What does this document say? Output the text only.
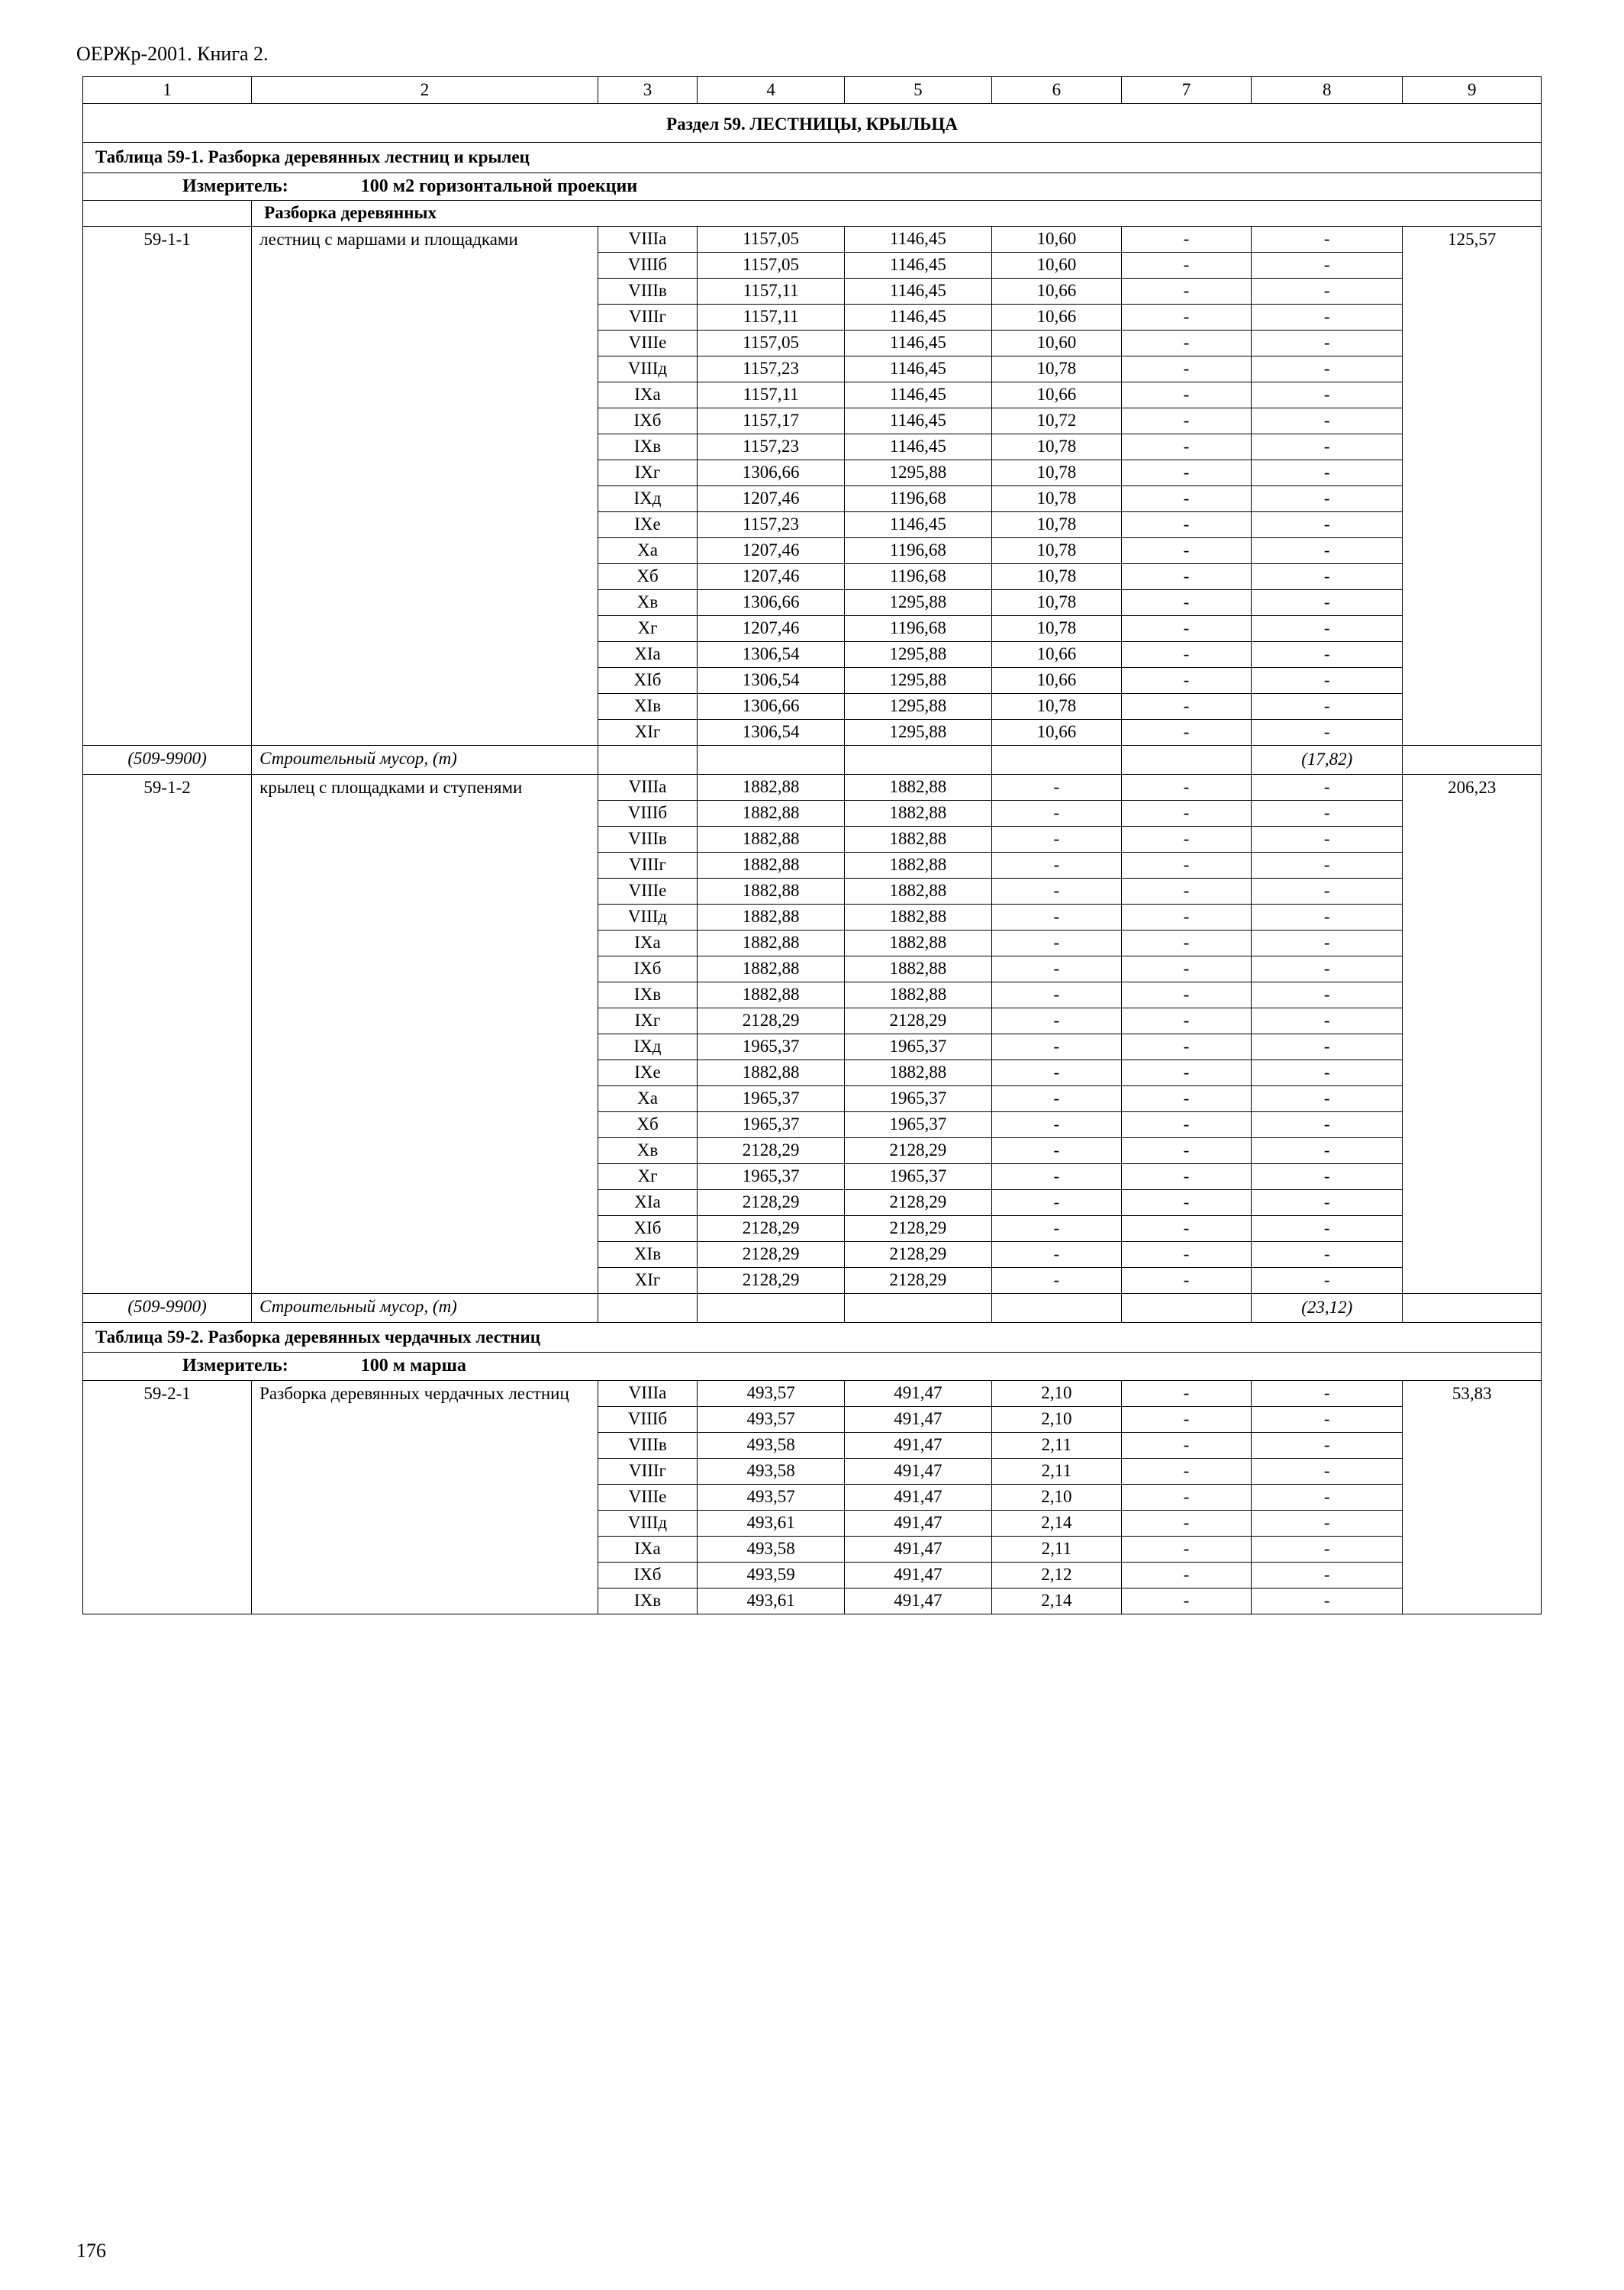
ОЕРЖр-2001. Книга 2.
1	2	3	4	5	6	7	8	9
Раздел 59. ЛЕСТНИЦЫ, КРЫЛЬЦА								
Таблица 59-1. Разборка деревянных лестниц и крылец								
Измеритель: 100 м2 горизонтальной проекции								
	Разборка деревянных							
59-1-1	лестниц с маршами и площадками	VIIIа	1157,05	1146,45	10,60	-	-	125,57
		VIIIб	1157,05	1146,45	10,60	-	-	
		VIIIв	1157,11	1146,45	10,66	-	-	
		VIIIг	1157,11	1146,45	10,66	-	-	
		VIIIе	1157,05	1146,45	10,60	-	-	
		VIIIд	1157,23	1146,45	10,78	-	-	
		IXа	1157,11	1146,45	10,66	-	-	
		IXб	1157,17	1146,45	10,72	-	-	
		IXв	1157,23	1146,45	10,78	-	-	
		IXг	1306,66	1295,88	10,78	-	-	
		IXд	1207,46	1196,68	10,78	-	-	
		IXе	1157,23	1146,45	10,78	-	-	
		Xа	1207,46	1196,68	10,78	-	-	
		Xб	1207,46	1196,68	10,78	-	-	
		Xв	1306,66	1295,88	10,78	-	-	
		Xг	1207,46	1196,68	10,78	-	-	
		XIа	1306,54	1295,88	10,66	-	-	
		XIб	1306,54	1295,88	10,66	-	-	
		XIв	1306,66	1295,88	10,78	-	-	
		XIг	1306,54	1295,88	10,66	-	-	
(509-9900)	Строительный мусор, (т)						(17,82)	
59-1-2	крылец с площадками и ступенями	VIIIа	1882,88	1882,88	-	-	-	206,23
		VIIIб	1882,88	1882,88	-	-	-	
		VIIIв	1882,88	1882,88	-	-	-	
		VIIIг	1882,88	1882,88	-	-	-	
		VIIIе	1882,88	1882,88	-	-	-	
		VIIIд	1882,88	1882,88	-	-	-	
		IXа	1882,88	1882,88	-	-	-	
		IXб	1882,88	1882,88	-	-	-	
		IXв	1882,88	1882,88	-	-	-	
		IXг	2128,29	2128,29	-	-	-	
		IXд	1965,37	1965,37	-	-	-	
		IXе	1882,88	1882,88	-	-	-	
		Xа	1965,37	1965,37	-	-	-	
		Xб	1965,37	1965,37	-	-	-	
		Xв	2128,29	2128,29	-	-	-	
		Xг	1965,37	1965,37	-	-	-	
		XIа	2128,29	2128,29	-	-	-	
		XIб	2128,29	2128,29	-	-	-	
		XIв	2128,29	2128,29	-	-	-	
		XIг	2128,29	2128,29	-	-	-	
(509-9900)	Строительный мусор, (т)						(23,12)	
Таблица 59-2. Разборка деревянных чердачных лестниц								
Измеритель: 100 м марша								
59-2-1	Разборка деревянных чердачных лестниц	VIIIа	493,57	491,47	2,10	-	-	53,83
		VIIIб	493,57	491,47	2,10	-	-	
		VIIIв	493,58	491,47	2,11	-	-	
		VIIIг	493,58	491,47	2,11	-	-	
		VIIIе	493,57	491,47	2,10	-	-	
		VIIIд	493,61	491,47	2,14	-	-	
		IXа	493,58	491,47	2,11	-	-	
		IXб	493,59	491,47	2,12	-	-	
		IXв	493,61	491,47	2,14	-	-	
176
